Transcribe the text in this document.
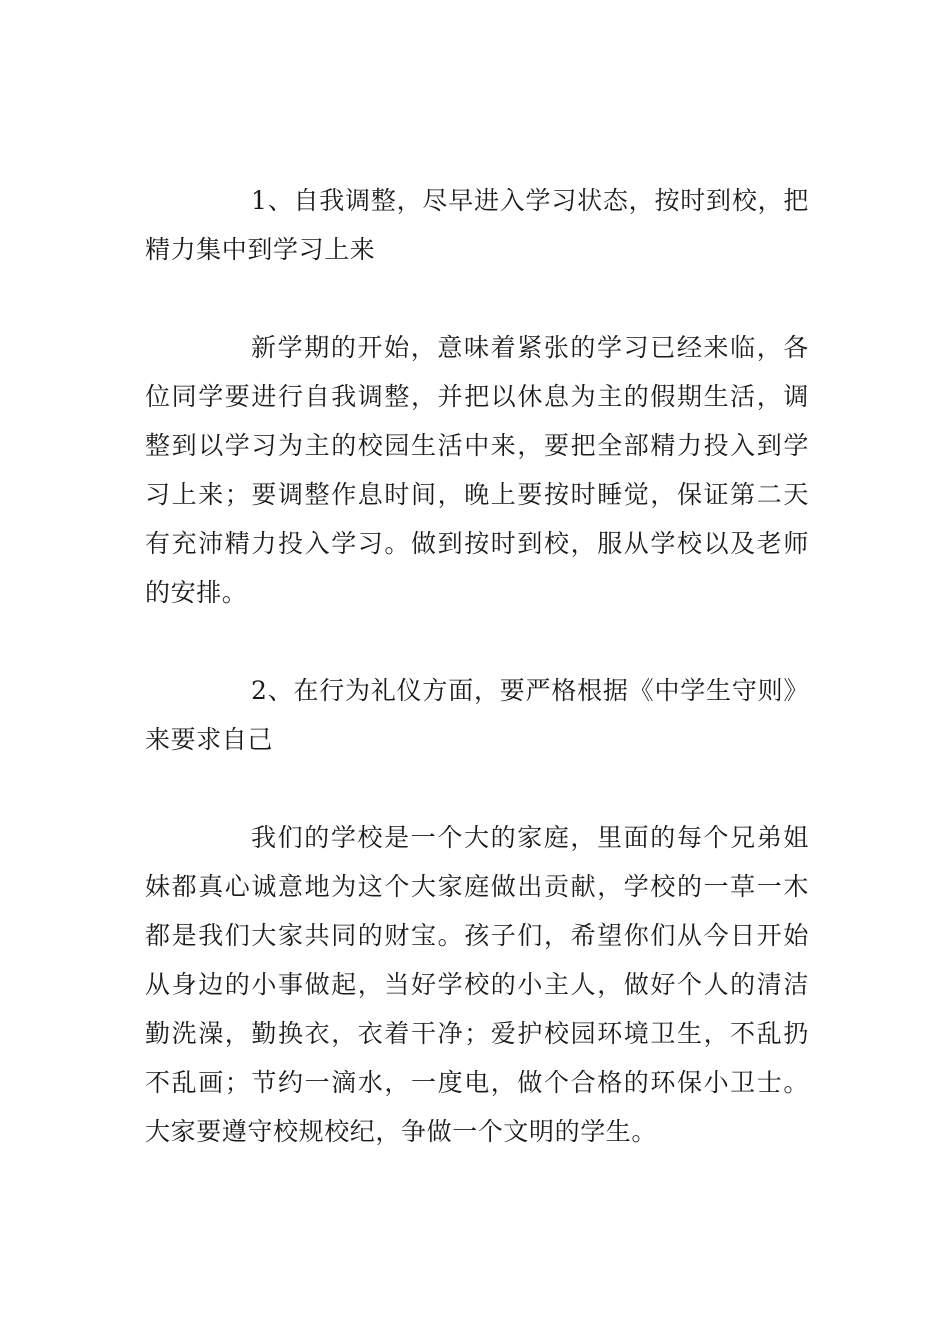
1、自我调整，尽早进入学习状态，按时到校，把精力集中到学习上来

新学期的开始，意味着紧张的学习已经来临，各位同学要进行自我调整，并把以休息为主的假期生活，调整到以学习为主的校园生活中来，要把全部精力投入到学习上来；要调整作息时间，晚上要按时睡觉，保证第二天有充沛精力投入学习。做到按时到校，服从学校以及老师的安排。

2、在行为礼仪方面，要严格根据《中学生守则》来要求自己

我们的学校是一个大的家庭，里面的每个兄弟姐妹都真心诚意地为这个大家庭做出贡献，学校的一草一木都是我们大家共同的财宝。孩子们，希望你们从今日开始从身边的小事做起，当好学校的小主人，做好个人的清洁勤洗澡，勤换衣，衣着干净；爱护校园环境卫生，不乱扔不乱画；节约一滴水，一度电，做个合格的环保小卫士。大家要遵守校规校纪，争做一个文明的学生。
